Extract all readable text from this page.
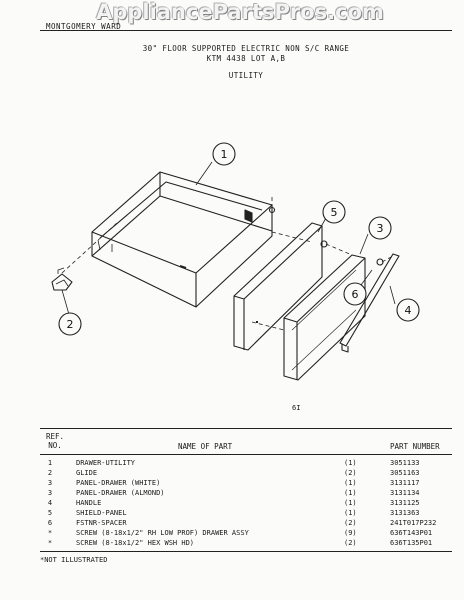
AppliancePartsPros.com
MONTGOMERY WARD
30" FLOOR SUPPORTED ELECTRIC NON S/C RANGE
KTM 4438 LOT A,B
UTILITY
1
2
3
4
5
6
6I
REF.
NO.	NAME OF PART	PART NUMBER
1	DRAWER-UTILITY	(1)	3051133
2	GLIDE	(2)	3051163
3	PANEL-DRAWER (WHITE)	(1)	3131117
3	PANEL-DRAWER (ALMOND)	(1)	3131134
4	HANDLE	(1)	3131125
5	SHIELD-PANEL	(1)	3131363
6	FSTNR-SPACER	(2)	241T017P232
*	SCREW (8-18x1/2" RH LOW PROF) DRAWER ASSY	(9)	636T143P01
*	SCREW (8-18x1/2" HEX WSH HD)	(2)	636T135P01
*NOT ILLUSTRATED
